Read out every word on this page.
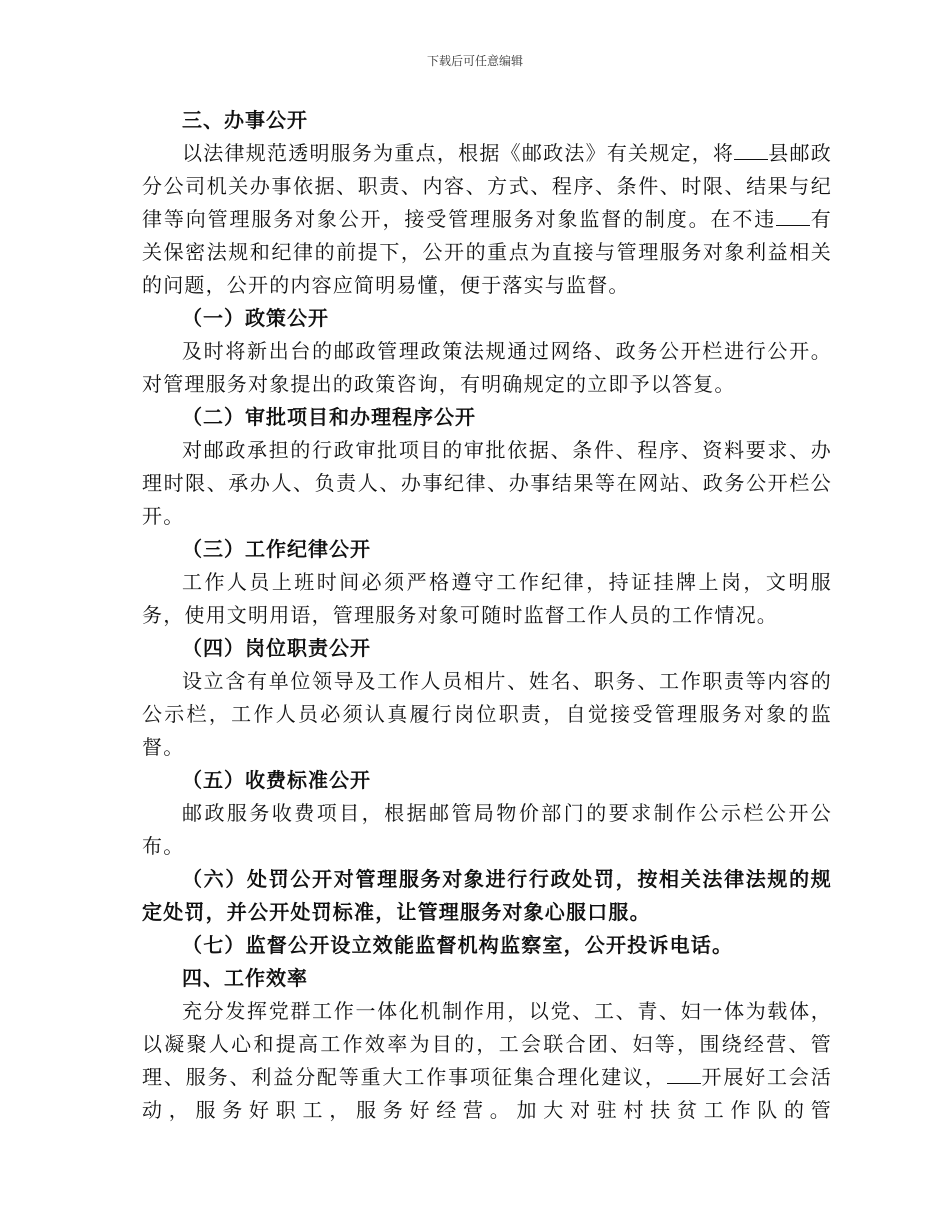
下载后可任意编辑

三、办事公开

以法律规范透明服务为重点，根据《邮政法》有关规定，将 县邮政分公司机关办事依据、职责、内容、方式、程序、条件、时限、结果与纪律等向管理服务对象公开，接受管理服务对象监督的制度。在不违 有关保密法规和纪律的前提下，公开的重点为直接与管理服务对象利益相关的问题，公开的内容应简明易懂，便于落实与监督。

（一）政策公开

及时将新出台的邮政管理政策法规通过网络、政务公开栏进行公开。对管理服务对象提出的政策咨询，有明确规定的立即予以答复。

（二）审批项目和办理程序公开

对邮政承担的行政审批项目的审批依据、条件、程序、资料要求、办理时限、承办人、负责人、办事纪律、办事结果等在网站、政务公开栏公开。

（三）工作纪律公开

工作人员上班时间必须严格遵守工作纪律，持证挂牌上岗，文明服务，使用文明用语，管理服务对象可随时监督工作人员的工作情况。

（四）岗位职责公开

设立含有单位领导及工作人员相片、姓名、职务、工作职责等内容的公示栏，工作人员必须认真履行岗位职责，自觉接受管理服务对象的监督。

（五）收费标准公开

邮政服务收费项目，根据邮管局物价部门的要求制作公示栏公开公布。

（六）处罚公开对管理服务对象进行行政处罚，按相关法律法规的规定处罚，并公开处罚标准，让管理服务对象心服口服。

（七）监督公开设立效能监督机构监察室，公开投诉电话。

四、工作效率

充分发挥党群工作一体化机制作用，以党、工、青、妇一体为载体，以凝聚人心和提高工作效率为目的，工会联合团、妇等，围绕经营、管理、服务、利益分配等重大工作事项征集合理化建议， 开展好工会活动，服务好职工，服务好经营。加大对驻村扶贫工作队的管
